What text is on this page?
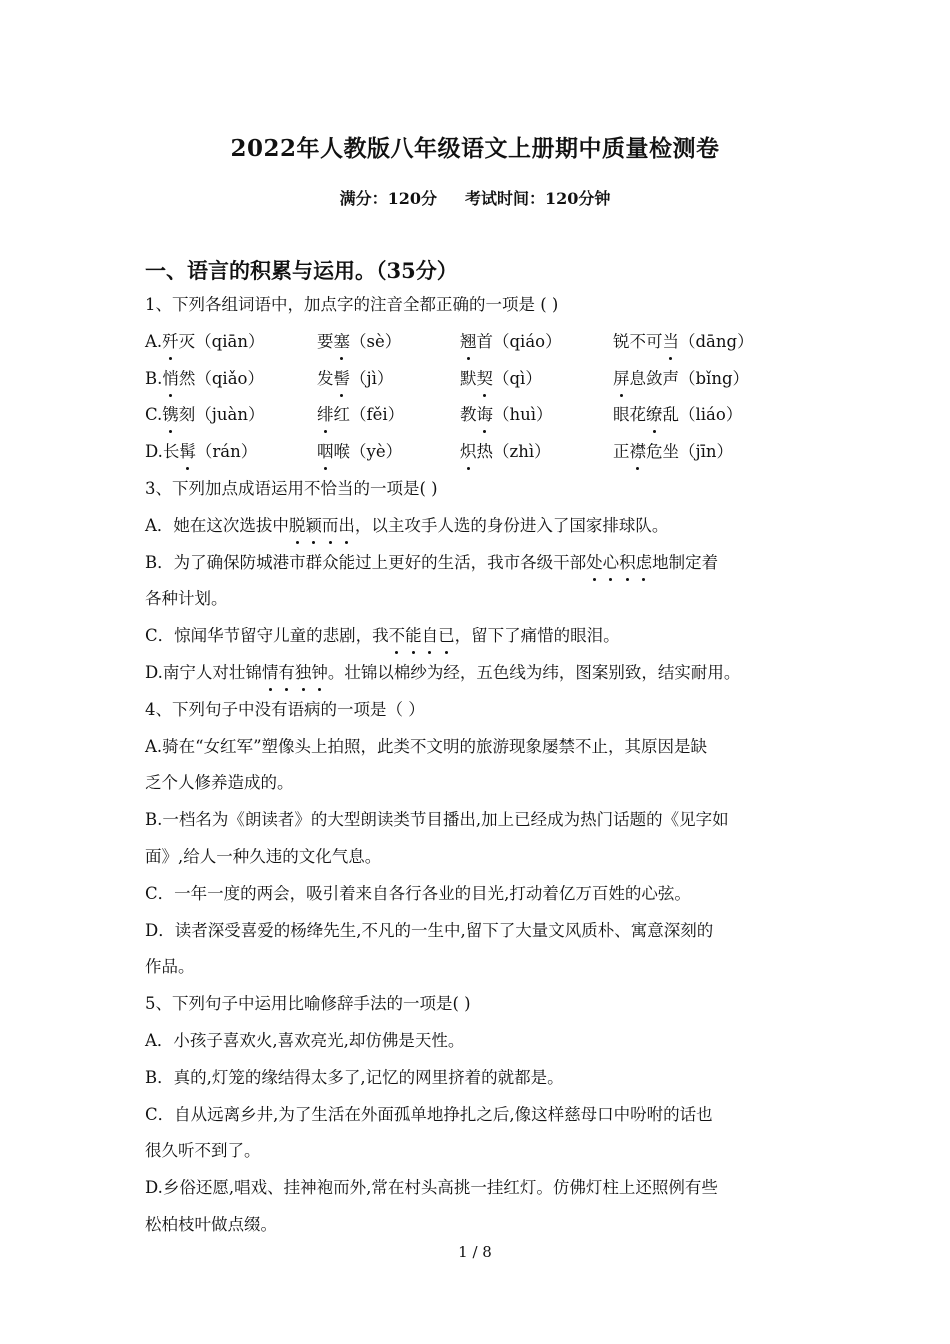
2022年人教版八年级语文上册期中质量检测卷
满分：120分 考试时间：120分钟
一、语言的积累与运用。（35分）
1、下列各组词语中，加点字的注音全都正确的一项是 ( )
A.歼灭（qiān）	要塞（sè）	翘首（qiáo）	锐不可当（dāng）
B.悄然（qiǎo）	发髻（jì）	默契（qì）	屏息敛声（bǐng）
C.镌刻（juàn）	绯红（fěi）	教诲（huì）	眼花缭乱（liáo）
D.长髯（rán）	咽喉（yè）	炽热（zhì）	正襟危坐（jīn）
3、下列加点成语运用不恰当的一项是( )
A．她在这次选拔中脱颖而出，以主攻手人选的身份进入了国家排球队。
B．为了确保防城港市群众能过上更好的生活，我市各级干部处心积虑地制定着
各种计划。
C．惊闻华节留守儿童的悲剧，我不能自已，留下了痛惜的眼泪。
D.南宁人对壮锦情有独钟。壮锦以棉纱为经，五色线为纬，图案别致，结实耐用。
4、下列句子中没有语病的一项是（ ）
A.骑在“女红军”塑像头上拍照，此类不文明的旅游现象屡禁不止，其原因是缺
乏个人修养造成的。
B.一档名为《朗读者》的大型朗读类节目播出,加上已经成为热门话题的《见字如
面》,给人一种久违的文化气息。
C．一年一度的两会，吸引着来自各行各业的目光,打动着亿万百姓的心弦。
D．读者深受喜爱的杨绛先生,不凡的一生中,留下了大量文风质朴、寓意深刻的
作品。
5、下列句子中运用比喻修辞手法的一项是( )
A．小孩子喜欢火,喜欢亮光,却仿佛是天性。
B．真的,灯笼的缘结得太多了,记忆的网里挤着的就都是。
C．自从远离乡井,为了生活在外面孤单地挣扎之后,像这样慈母口中吩咐的话也
很久听不到了。
D.乡俗还愿,唱戏、挂神袍而外,常在村头高挑一挂红灯。仿佛灯柱上还照例有些
松柏枝叶做点缀。
1 / 8
